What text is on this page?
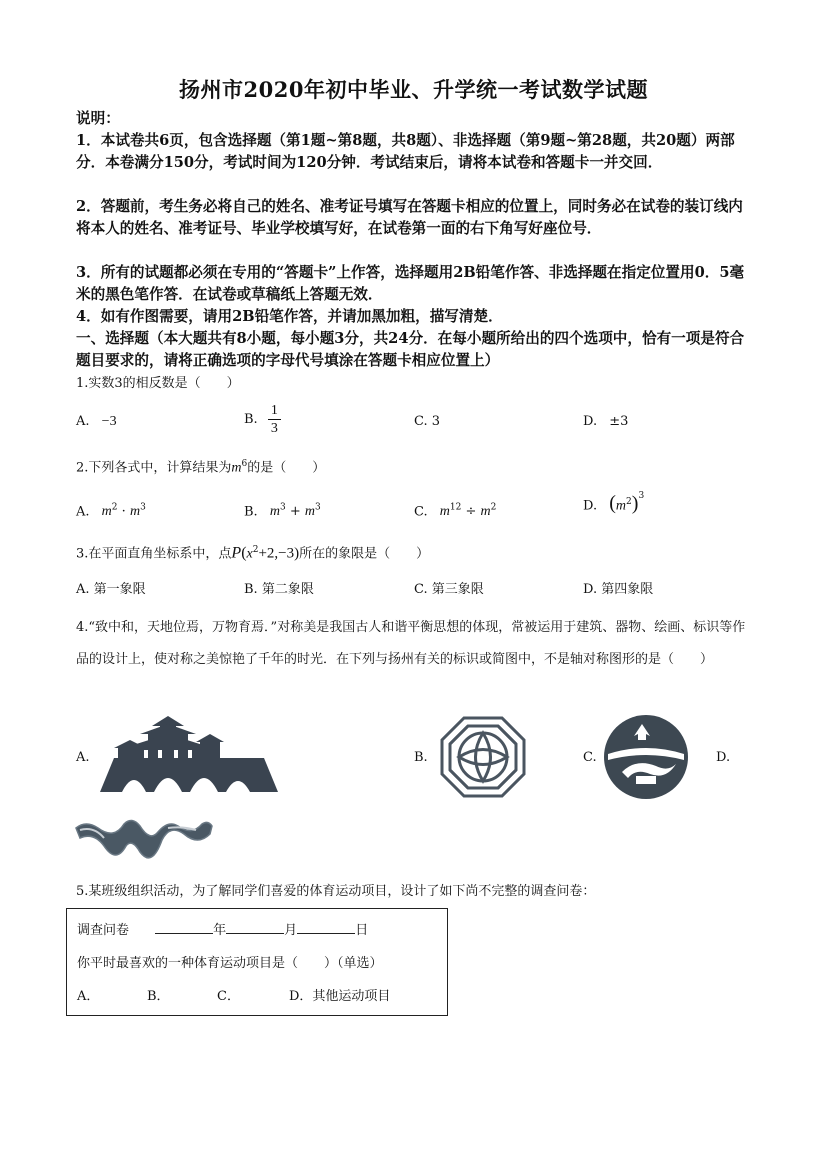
扬州市2020年初中毕业、升学统一考试数学试题
说明：
1．本试卷共6页，包含选择题（第1题~第8题，共8题）、非选择题（第9题~第28题，共20题）两部分．本卷满分150分，考试时间为120分钟．考试结束后，请将本试卷和答题卡一并交回．
2．答题前，考生务必将自己的姓名、准考证号填写在答题卡相应的位置上，同时务必在试卷的装订线内将本人的姓名、准考证号、毕业学校填写好，在试卷第一面的右下角写好座位号．
3．所有的试题都必须在专用的“答题卡”上作答，选择题用2B铅笔作答、非选择题在指定位置用0．5毫米的黑色笔作答．在试卷或草稿纸上答题无效．
4．如有作图需要，请用2B铅笔作答，并请加黑加粗，描写清楚．
一、选择题（本大题共有8小题，每小题3分，共24分．在每小题所给出的四个选项中，恰有一项是符合题目要求的，请将正确选项的字母代号填涂在答题卡相应位置上）
1.实数3的相反数是（　　）
A. −3	B. $\frac{1}{3}$	C. 3	D. ±3
2.下列各式中，计算结果为$m^6$的是（　　）
A. $m^2 \cdot m^3$	B. $m^3 + m^3$	C. $m^{12} \div m^2$	D. $(m^2)^3$
3.在平面直角坐标系中，点$P(x^2+2,-3)$所在的象限是（　　）
A. 第一象限	B. 第二象限	C. 第三象限	D. 第四象限
4.“致中和，天地位焉，万物育焉．”对称美是我国古人和谐平衡思想的体现，常被运用于建筑、器物、绘画、标识等作品的设计上，使对称之美惊艳了千年的时光．在下列与扬州有关的标识或简图中，不是轴对称图形的是（　　）
A.	B.	C.	D.
5.某班级组织活动，为了解同学们喜爱的体育运动项目，设计了如下尚不完整的调查问卷：
调查问卷	年	月	日
你平时最喜欢的一种体育运动项目是（　　）（单选）
A．	B．	C．	D．其他运动项目
